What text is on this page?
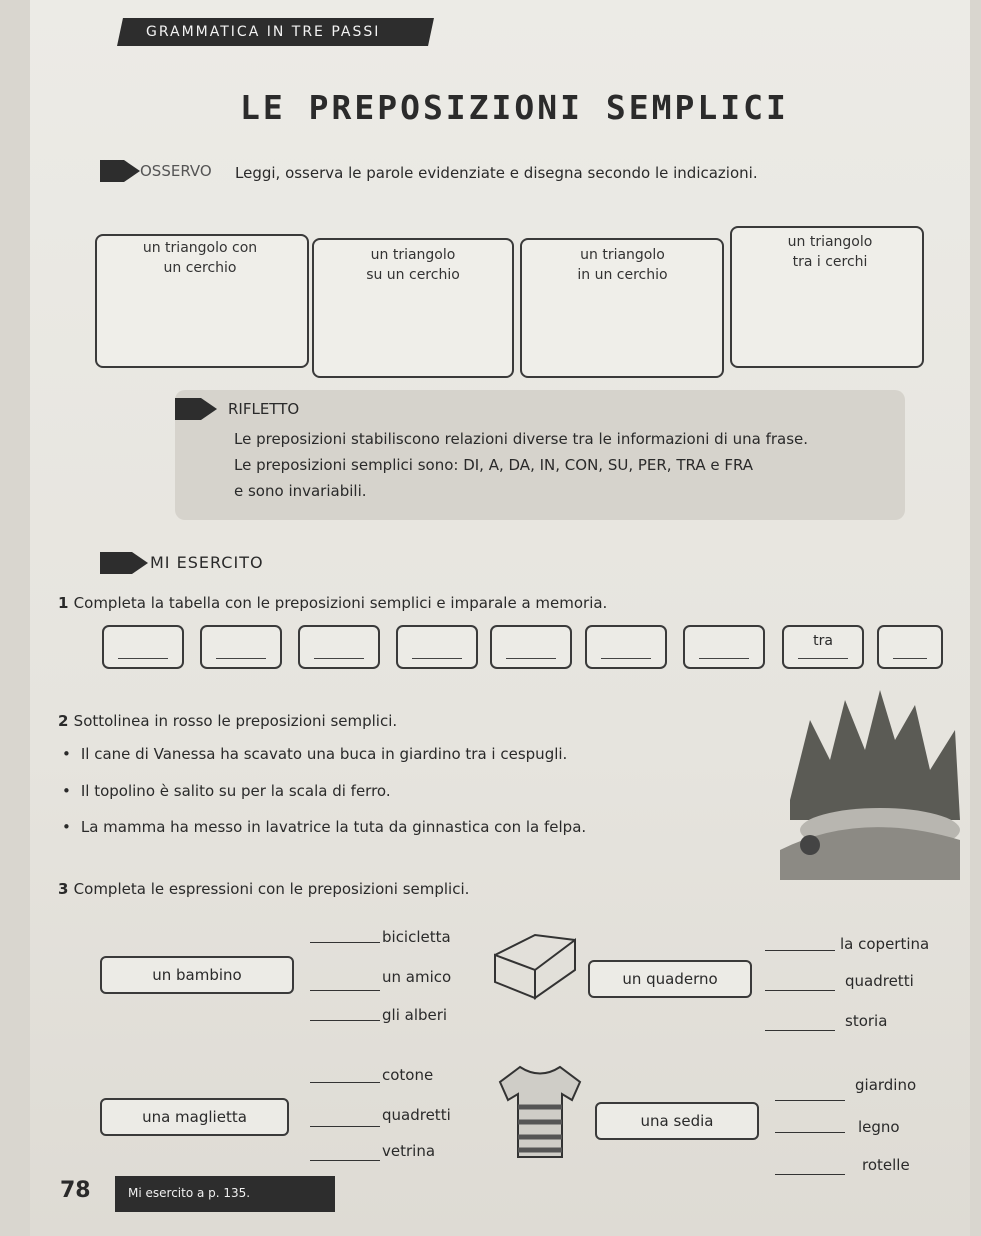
GRAMMATICA IN TRE PASSI
LE PREPOSIZIONI SEMPLICI
OSSERVO Leggi, osserva le parole evidenziate e disegna secondo le indicazioni.
un triangolo con
un cerchio
un triangolo
su un cerchio
un triangolo
in un cerchio
un triangolo
tra i cerchi
RIFLETTO
Le preposizioni stabiliscono relazioni diverse tra le informazioni di una frase.
Le preposizioni semplici sono: DI, A, DA, IN, CON, SU, PER, TRA e FRA
e sono invariabili.
MI ESERCITO
1 Completa la tabella con le preposizioni semplici e imparale a memoria.
tra
2 Sottolinea in rosso le preposizioni semplici.
• Il cane di Vanessa ha scavato una buca in giardino tra i cespugli.
• Il topolino è salito su per la scala di ferro.
• La mamma ha messo in lavatrice la tuta da ginnastica con la felpa.
3 Completa le espressioni con le preposizioni semplici.
un bambino
bicicletta
un amico
gli alberi
un quaderno
la copertina
quadretti
storia
una maglietta
cotone
quadretti
vetrina
una sedia
giardino
legno
rotelle
78	Mi esercito a p. 135.
